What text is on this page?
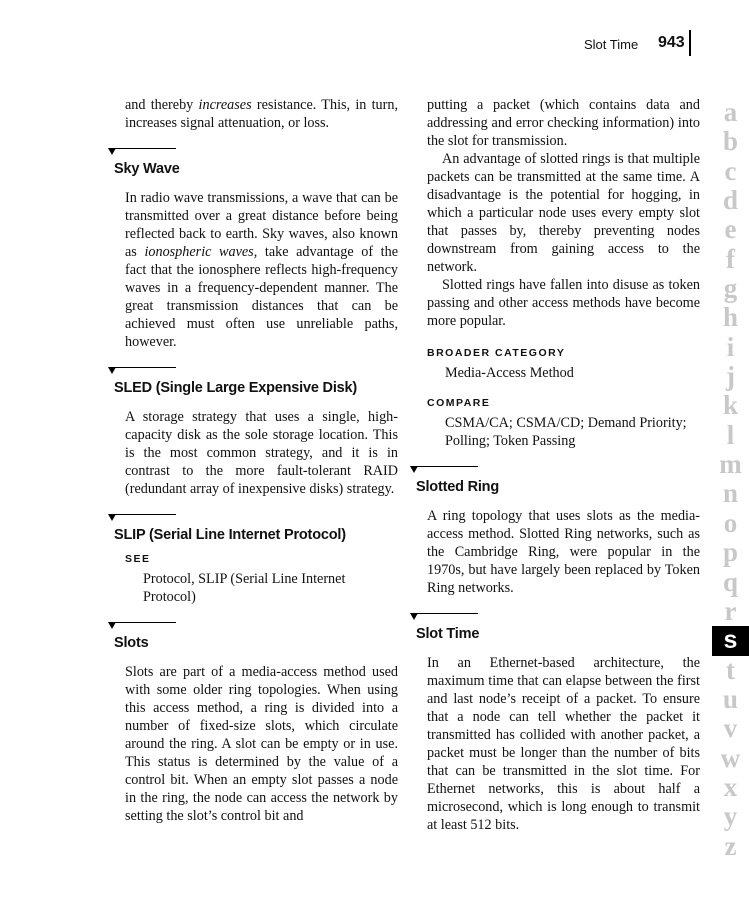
Slot Time 943

and thereby increases resistance. This, in turn, increases signal attenuation, or loss.

Sky Wave

In radio wave transmissions, a wave that can be transmitted over a great distance before being reflected back to earth. Sky waves, also known as ionospheric waves, take advantage of the fact that the ionosphere reflects high-frequency waves in a frequency-dependent manner. The great transmission distances that can be achieved must often use unreliable paths, however.

SLED (Single Large Expensive Disk)

A storage strategy that uses a single, high-capacity disk as the sole storage location. This is the most common strategy, and it is in contrast to the more fault-tolerant RAID (redundant array of inexpensive disks) strategy.

SLIP (Serial Line Internet Protocol)
SEE

Protocol, SLIP (Serial Line Internet Protocol)

Slots

Slots are part of a media-access method used with some older ring topologies. When using this access method, a ring is divided into a number of fixed-size slots, which circulate around the ring. A slot can be empty or in use. This status is determined by the value of a control bit. When an empty slot passes a node in the ring, the node can access the network by setting the slot’s control bit and

putting a packet (which contains data and addressing and error checking information) into the slot for transmission.

An advantage of slotted rings is that multiple packets can be transmitted at the same time. A disadvantage is the potential for hogging, in which a particular node uses every empty slot that passes by, thereby preventing nodes downstream from gaining access to the network.

Slotted rings have fallen into disuse as token passing and other access methods have become more popular.

BROADER CATEGORY

Media-Access Method

COMPARE

CSMA/CA; CSMA/CD; Demand Priority; Polling; Token Passing

Slotted Ring

A ring topology that uses slots as the media-access method. Slotted Ring networks, such as the Cambridge Ring, were popular in the 1970s, but have largely been replaced by Token Ring networks.

Slot Time

In an Ethernet-based architecture, the maximum time that can elapse between the first and last node’s receipt of a packet. To ensure that a node can tell whether the packet it transmitted has collided with another packet, a packet must be longer than the number of bits that can be transmitted in the slot time. For Ethernet networks, this is about half a microsecond, which is long enough to transmit at least 512 bits.

a
b
c
d
e
f
g
h
i
j
k
l
m
n
o
p
q
r
s
t
u
v
w
x
y
z
